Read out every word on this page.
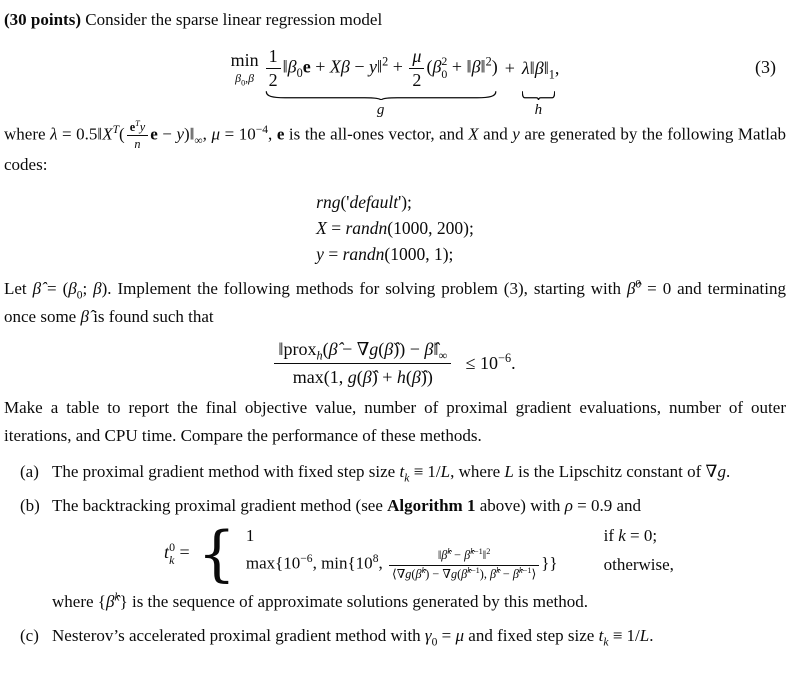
(30 points) Consider the sparse linear regression model

min
$\beta_0,\beta \frac{1}{2}$ $‖\beta_0e + X\beta$ − y‖$^2$ + $\frac{\mu}{2} (\beta$ 2
0 + ‖β‖$^2$)
g
+ $\lambda‖\beta‖_1$
h
,	(3)

where $\lambda = 0.5‖X^T( \frac{e^Ty}{n}$ $e - y)‖_\infty$, $\mu = 10^{-4}$, e is the all-ones vector, and X and y are generated by the following Matlab codes:

rng('default');
X = randn(1000, 200);
y = randn(1000, 1);

Let β̂ = ($\beta_0$; β). Implement the following methods for solving problem (3), starting with β̂$^0$ = 0 and terminating once some β̂ is found such that

$\frac{‖prox_h(\betâ - \nabla g(\betâ)) - \betâ‖_\infty}{\max(1, g(\betâ) + h(\betâ))} \le 10^{-6}$.

Make a table to report the final objective value, number of proximal gradient evaluations, number of outer iterations, and CPU time. Compare the performance of these methods.

(a) The proximal gradient method with fixed step size $t_k \equiv 1/L$, where L is the Lipschitz constant of ∇g.
(b) The backtracking proximal gradient method (see Algorithm 1 above) with ρ = 0.9 and

t 0
k = { 1	if k = 0;
$\max\{10^{-6}$, $\min\{10^8$, $\frac{‖\betâ^k - \betâ^{k-1}‖^2}{⟨\nabla g(\betâ^k) - \nabla g(\betâ^{k-1}), \betâ^k - \betâ^{k-1}⟩}$ }}	otherwise,

where {β̂$^k$} is the sequence of approximate solutions generated by this method.

(c) Nesterov’s accelerated proximal gradient method with $\gamma_0 = \mu$ and fixed step size $t_k \equiv 1/L$.
